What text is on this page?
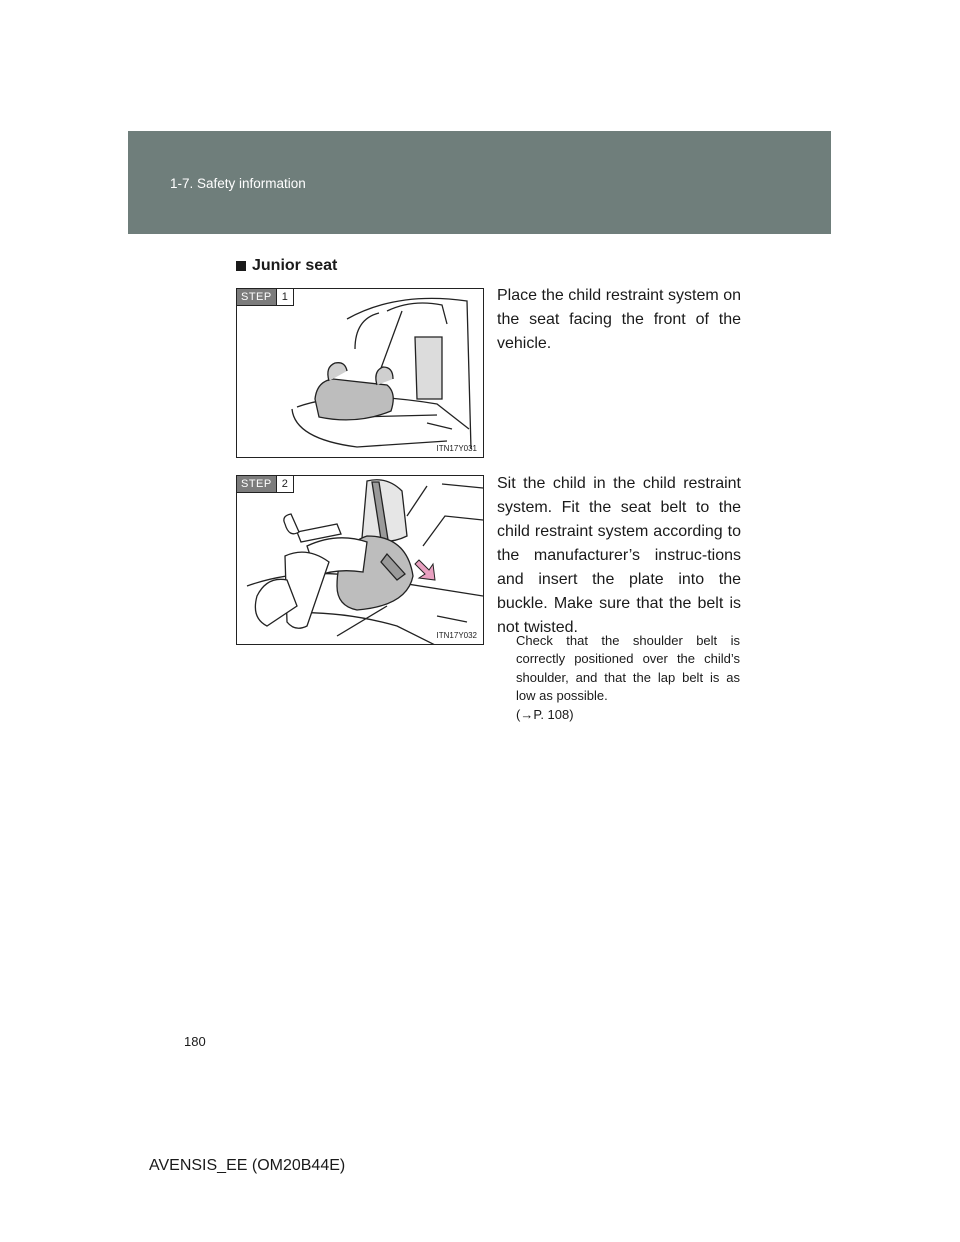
1-7. Safety information
Junior seat
STEP 1
ITN17Y031
Place the child restraint system on the seat facing the front of the vehicle.
STEP 2
ITN17Y032
Sit the child in the child restraint system. Fit the seat belt to the child restraint system according to the manufacturer’s instruc-tions and insert the plate into the buckle. Make sure that the belt is not twisted.
Check that the shoulder belt is correctly positioned over the child’s shoulder, and that the lap belt is as low as possible.
(→P. 108)
180
AVENSIS_EE (OM20B44E)
